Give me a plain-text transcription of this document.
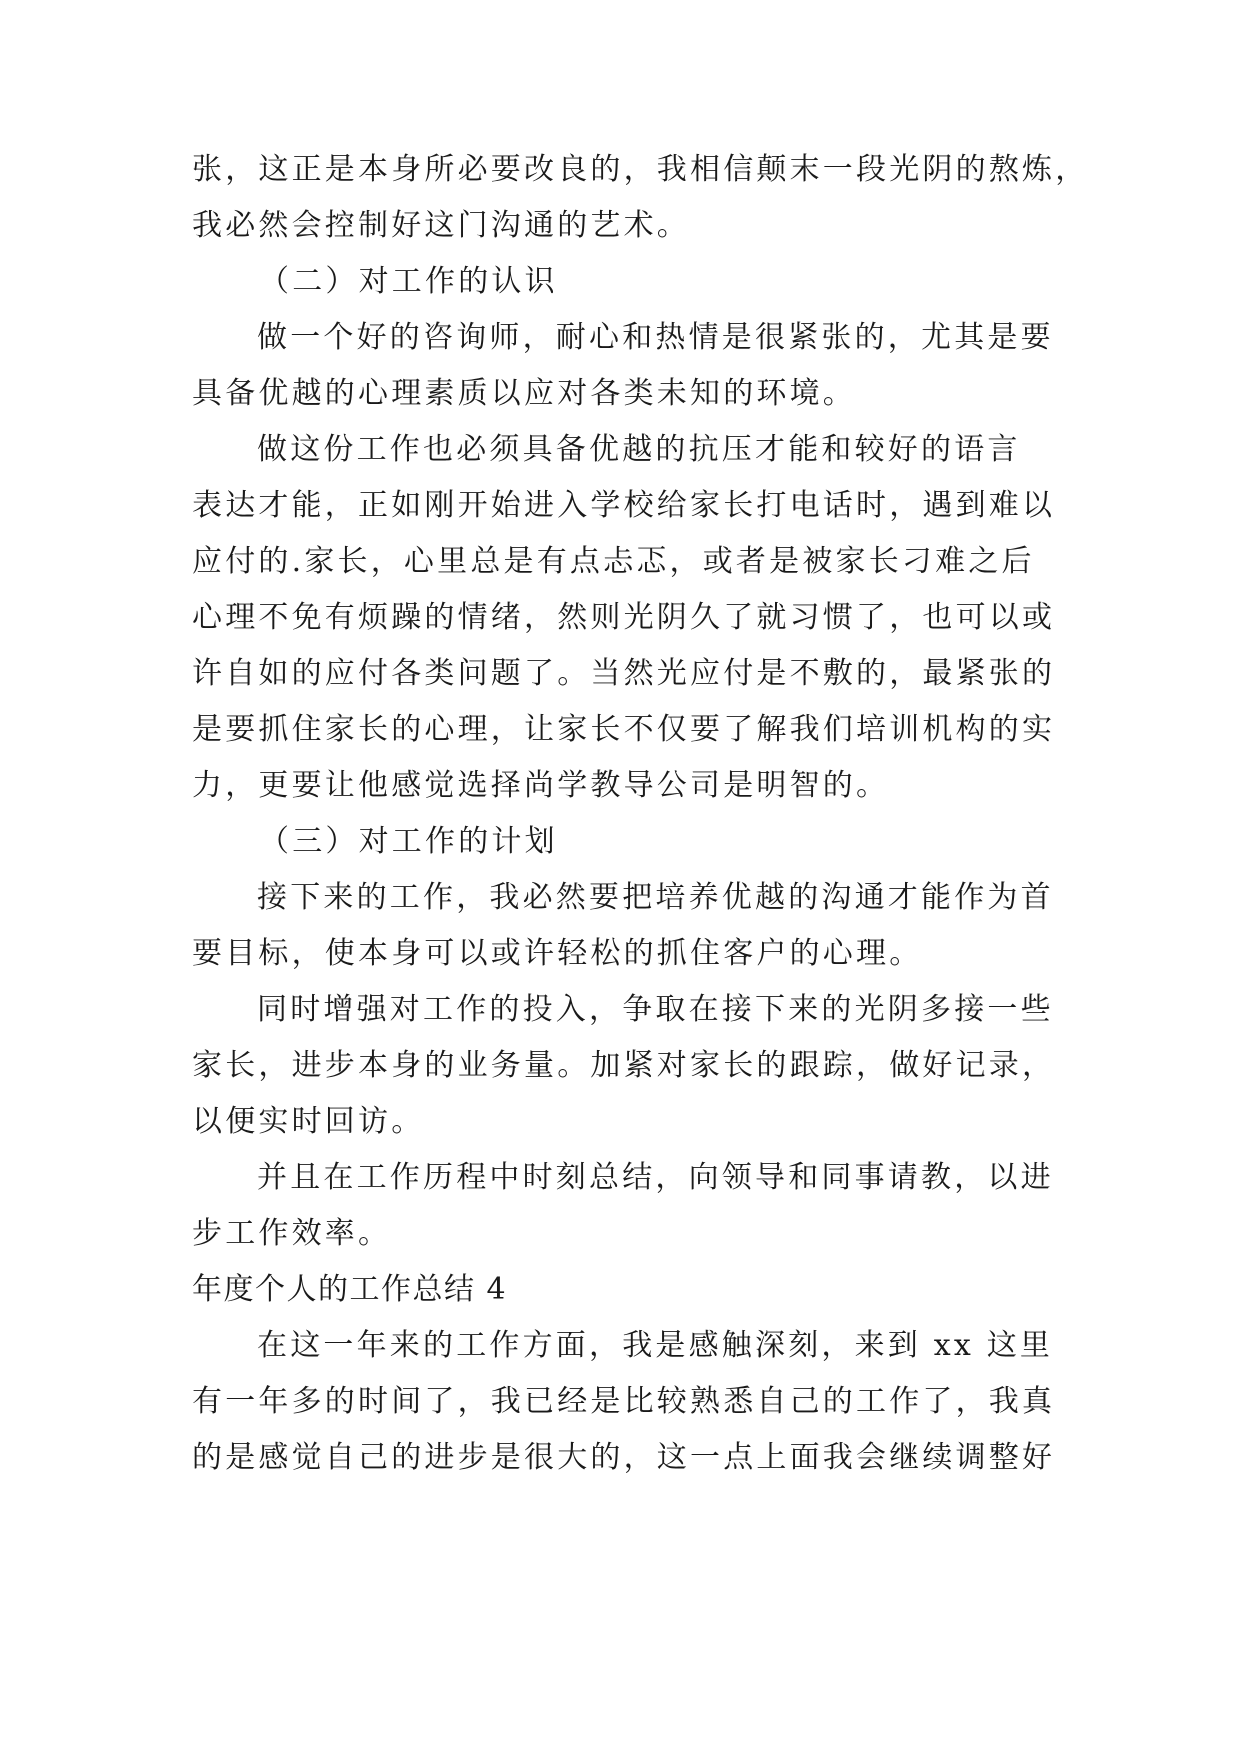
张，这正是本身所必要改良的，我相信颠末一段光阴的熬炼，
我必然会控制好这门沟通的艺术。
（二）对工作的认识
做一个好的咨询师，耐心和热情是很紧张的，尤其是要
具备优越的心理素质以应对各类未知的环境。
做这份工作也必须具备优越的抗压才能和较好的语言
表达才能，正如刚开始进入学校给家长打电话时，遇到难以
应付的.家长，心里总是有点忐忑，或者是被家长刁难之后
心理不免有烦躁的情绪，然则光阴久了就习惯了，也可以或
许自如的应付各类问题了。当然光应付是不敷的，最紧张的
是要抓住家长的心理，让家长不仅要了解我们培训机构的实
力，更要让他感觉选择尚学教导公司是明智的。
（三）对工作的计划
接下来的工作，我必然要把培养优越的沟通才能作为首
要目标，使本身可以或许轻松的抓住客户的心理。
同时增强对工作的投入，争取在接下来的光阴多接一些
家长，进步本身的业务量。加紧对家长的跟踪，做好记录，
以便实时回访。
并且在工作历程中时刻总结，向领导和同事请教，以进
步工作效率。
年度个人的工作总结 4
在这一年来的工作方面，我是感触深刻，来到 xx 这里
有一年多的时间了，我已经是比较熟悉自己的工作了，我真
的是感觉自己的进步是很大的，这一点上面我会继续调整好
